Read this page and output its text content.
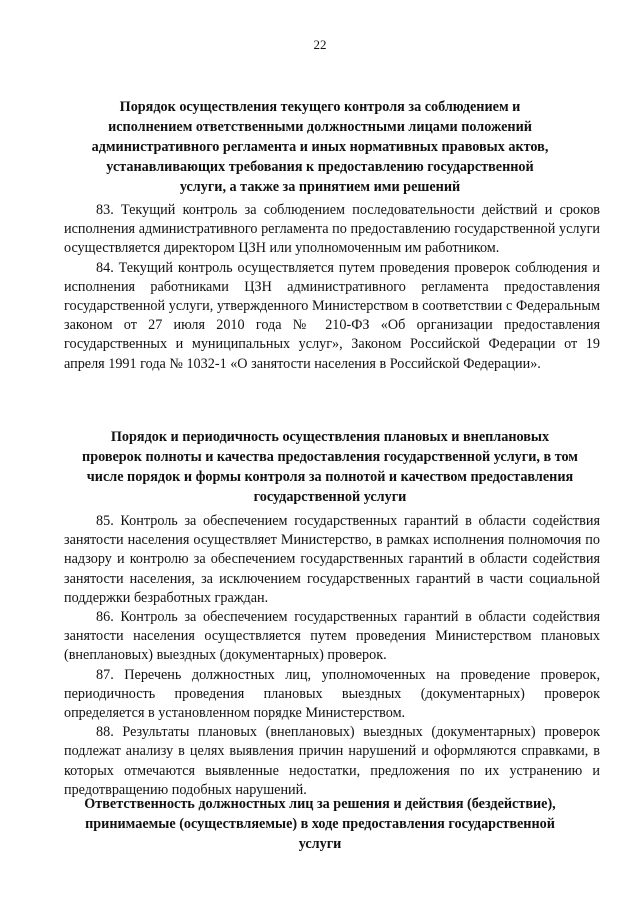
22
Порядок осуществления текущего контроля за соблюдением и исполнением ответственными должностными лицами положений административного регламента и иных нормативных правовых актов, устанавливающих требования к предоставлению государственной услуги, а также за принятием ими решений

83. Текущий контроль за соблюдением последовательности действий и сроков исполнения административного регламента по предоставлению государственной услуги осуществляется директором ЦЗН или уполномоченным им работником.

84. Текущий контроль осуществляется путем проведения проверок соблюдения и исполнения работниками ЦЗН административного регламента предоставления государственной услуги, утвержденного Министерством в соответствии с Федеральным законом от 27 июля 2010 года № 210-ФЗ «Об организации предоставления государственных и муниципальных услуг», Законом Российской Федерации от 19 апреля 1991 года № 1032-1 «О занятости населения в Российской Федерации».

Порядок и периодичность осуществления плановых и внеплановых проверок полноты и качества предоставления государственной услуги, в том числе порядок и формы контроля за полнотой и качеством предоставления государственной услуги

85. Контроль за обеспечением государственных гарантий в области содействия занятости населения осуществляет Министерство, в рамках исполнения полномочия по надзору и контролю за обеспечением государственных гарантий в области содействия занятости населения, за исключением государственных гарантий в части социальной поддержки безработных граждан.

86. Контроль за обеспечением государственных гарантий в области содействия занятости населения осуществляется путем проведения Министерством плановых (внеплановых) выездных (документарных) проверок.

87. Перечень должностных лиц, уполномоченных на проведение проверок, периодичность проведения плановых выездных (документарных) проверок определяется в установленном порядке Министерством.

88. Результаты плановых (внеплановых) выездных (документарных) проверок подлежат анализу в целях выявления причин нарушений и оформляются справками, в которых отмечаются выявленные недостатки, предложения по их устранению и предотвращению подобных нарушений.

Ответственность должностных лиц за решения и действия (бездействие), принимаемые (осуществляемые) в ходе предоставления государственной услуги
